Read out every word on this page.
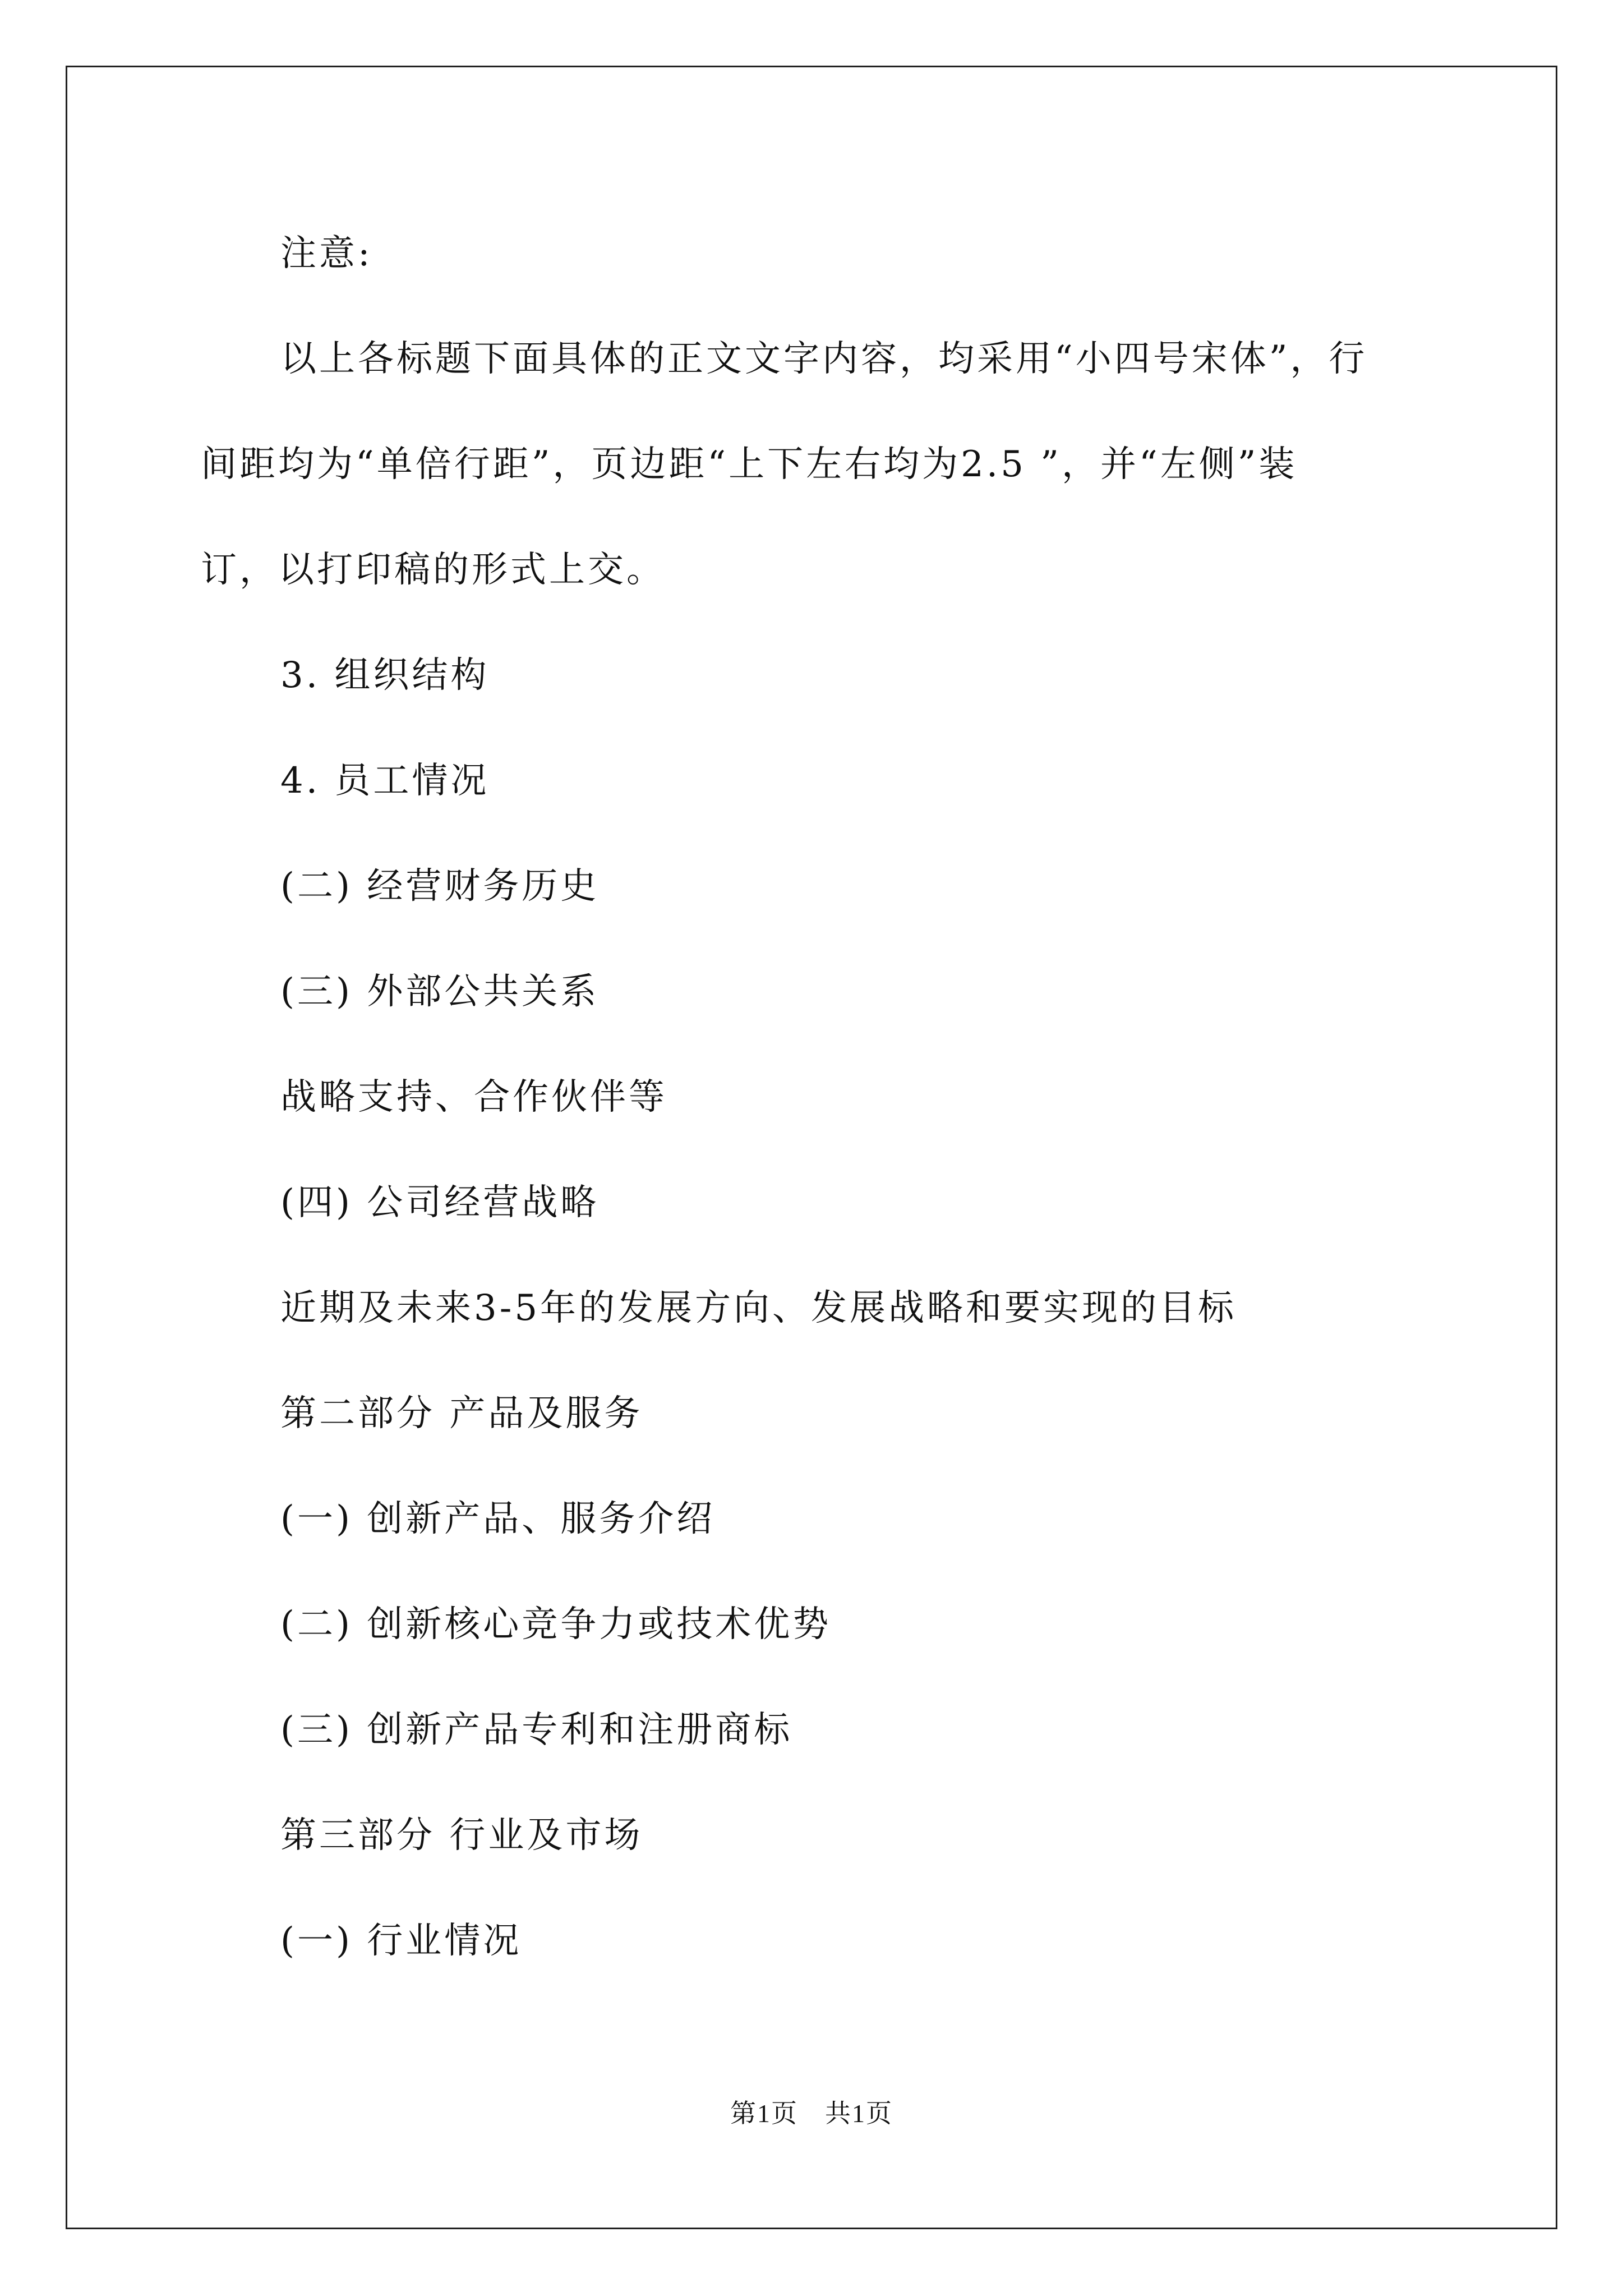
注意:
以上各标题下面具体的正文文字内容，均采用“小四号宋体”，行
间距均为“单倍行距”，页边距“上下左右均为2.5 ”，并“左侧”装
订，以打印稿的形式上交。
3. 组织结构
4. 员工情况
(二) 经营财务历史
(三) 外部公共关系
战略支持、合作伙伴等
(四) 公司经营战略
近期及未来3-5年的发展方向、发展战略和要实现的目标
第二部分 产品及服务
(一) 创新产品、服务介绍
(二) 创新核心竞争力或技术优势
(三) 创新产品专利和注册商标
第三部分 行业及市场
(一) 行业情况
第1页 共1页
